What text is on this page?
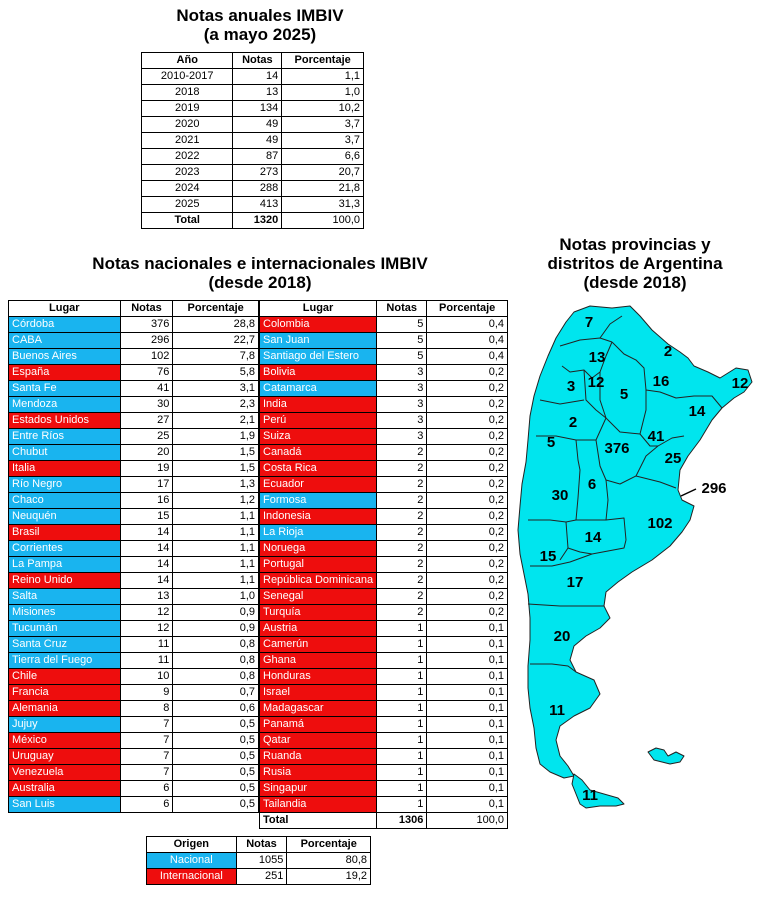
Notas anuales IMBIV
(a mayo 2025)
Año	Notas	Porcentaje
2010-2017	14	1,1
2018	13	1,0
2019	134	10,2
2020	49	3,7
2021	49	3,7
2022	87	6,6
2023	273	20,7
2024	288	21,8
2025	413	31,3
Total	1320	100,0
Notas nacionales e internacionales IMBIV
(desde 2018)
Lugar	Notas	Porcentaje
Córdoba	376	28,8
CABA	296	22,7
Buenos Aires	102	7,8
España	76	5,8
Santa Fe	41	3,1
Mendoza	30	2,3
Estados Unidos	27	2,1
Entre Ríos	25	1,9
Chubut	20	1,5
Italia	19	1,5
Río Negro	17	1,3
Chaco	16	1,2
Neuquén	15	1,1
Brasil	14	1,1
Corrientes	14	1,1
La Pampa	14	1,1
Reino Unido	14	1,1
Salta	13	1,0
Misiones	12	0,9
Tucumán	12	0,9
Santa Cruz	11	0,8
Tierra del Fuego	11	0,8
Chile	10	0,8
Francia	9	0,7
Alemania	8	0,6
Jujuy	7	0,5
México	7	0,5
Uruguay	7	0,5
Venezuela	7	0,5
Australia	6	0,5
San Luis	6	0,5
Lugar	Notas	Porcentaje
Colombia	5	0,4
San Juan	5	0,4
Santiago del Estero	5	0,4
Bolivia	3	0,2
Catamarca	3	0,2
India	3	0,2
Perú	3	0,2
Suiza	3	0,2
Canadá	2	0,2
Costa Rica	2	0,2
Ecuador	2	0,2
Formosa	2	0,2
Indonesia	2	0,2
La Rioja	2	0,2
Noruega	2	0,2
Portugal	2	0,2
República Dominicana	2	0,2
Senegal	2	0,2
Turquía	2	0,2
Austria	1	0,1
Camerún	1	0,1
Ghana	1	0,1
Honduras	1	0,1
Israel	1	0,1
Madagascar	1	0,1
Panamá	1	0,1
Qatar	1	0,1
Ruanda	1	0,1
Rusia	1	0,1
Singapur	1	0,1
Tailandia	1	0,1
Total	1306	100,0
Origen	Notas	Porcentaje
Nacional	1055	80,8
Internacional	251	19,2
Notas provincias y
distritos de Argentina
(desde 2018)
7
2
13
16	12
3 12
5
14
2
5	376
41
25
296
30
6
102
14
15
17
20
11
11
